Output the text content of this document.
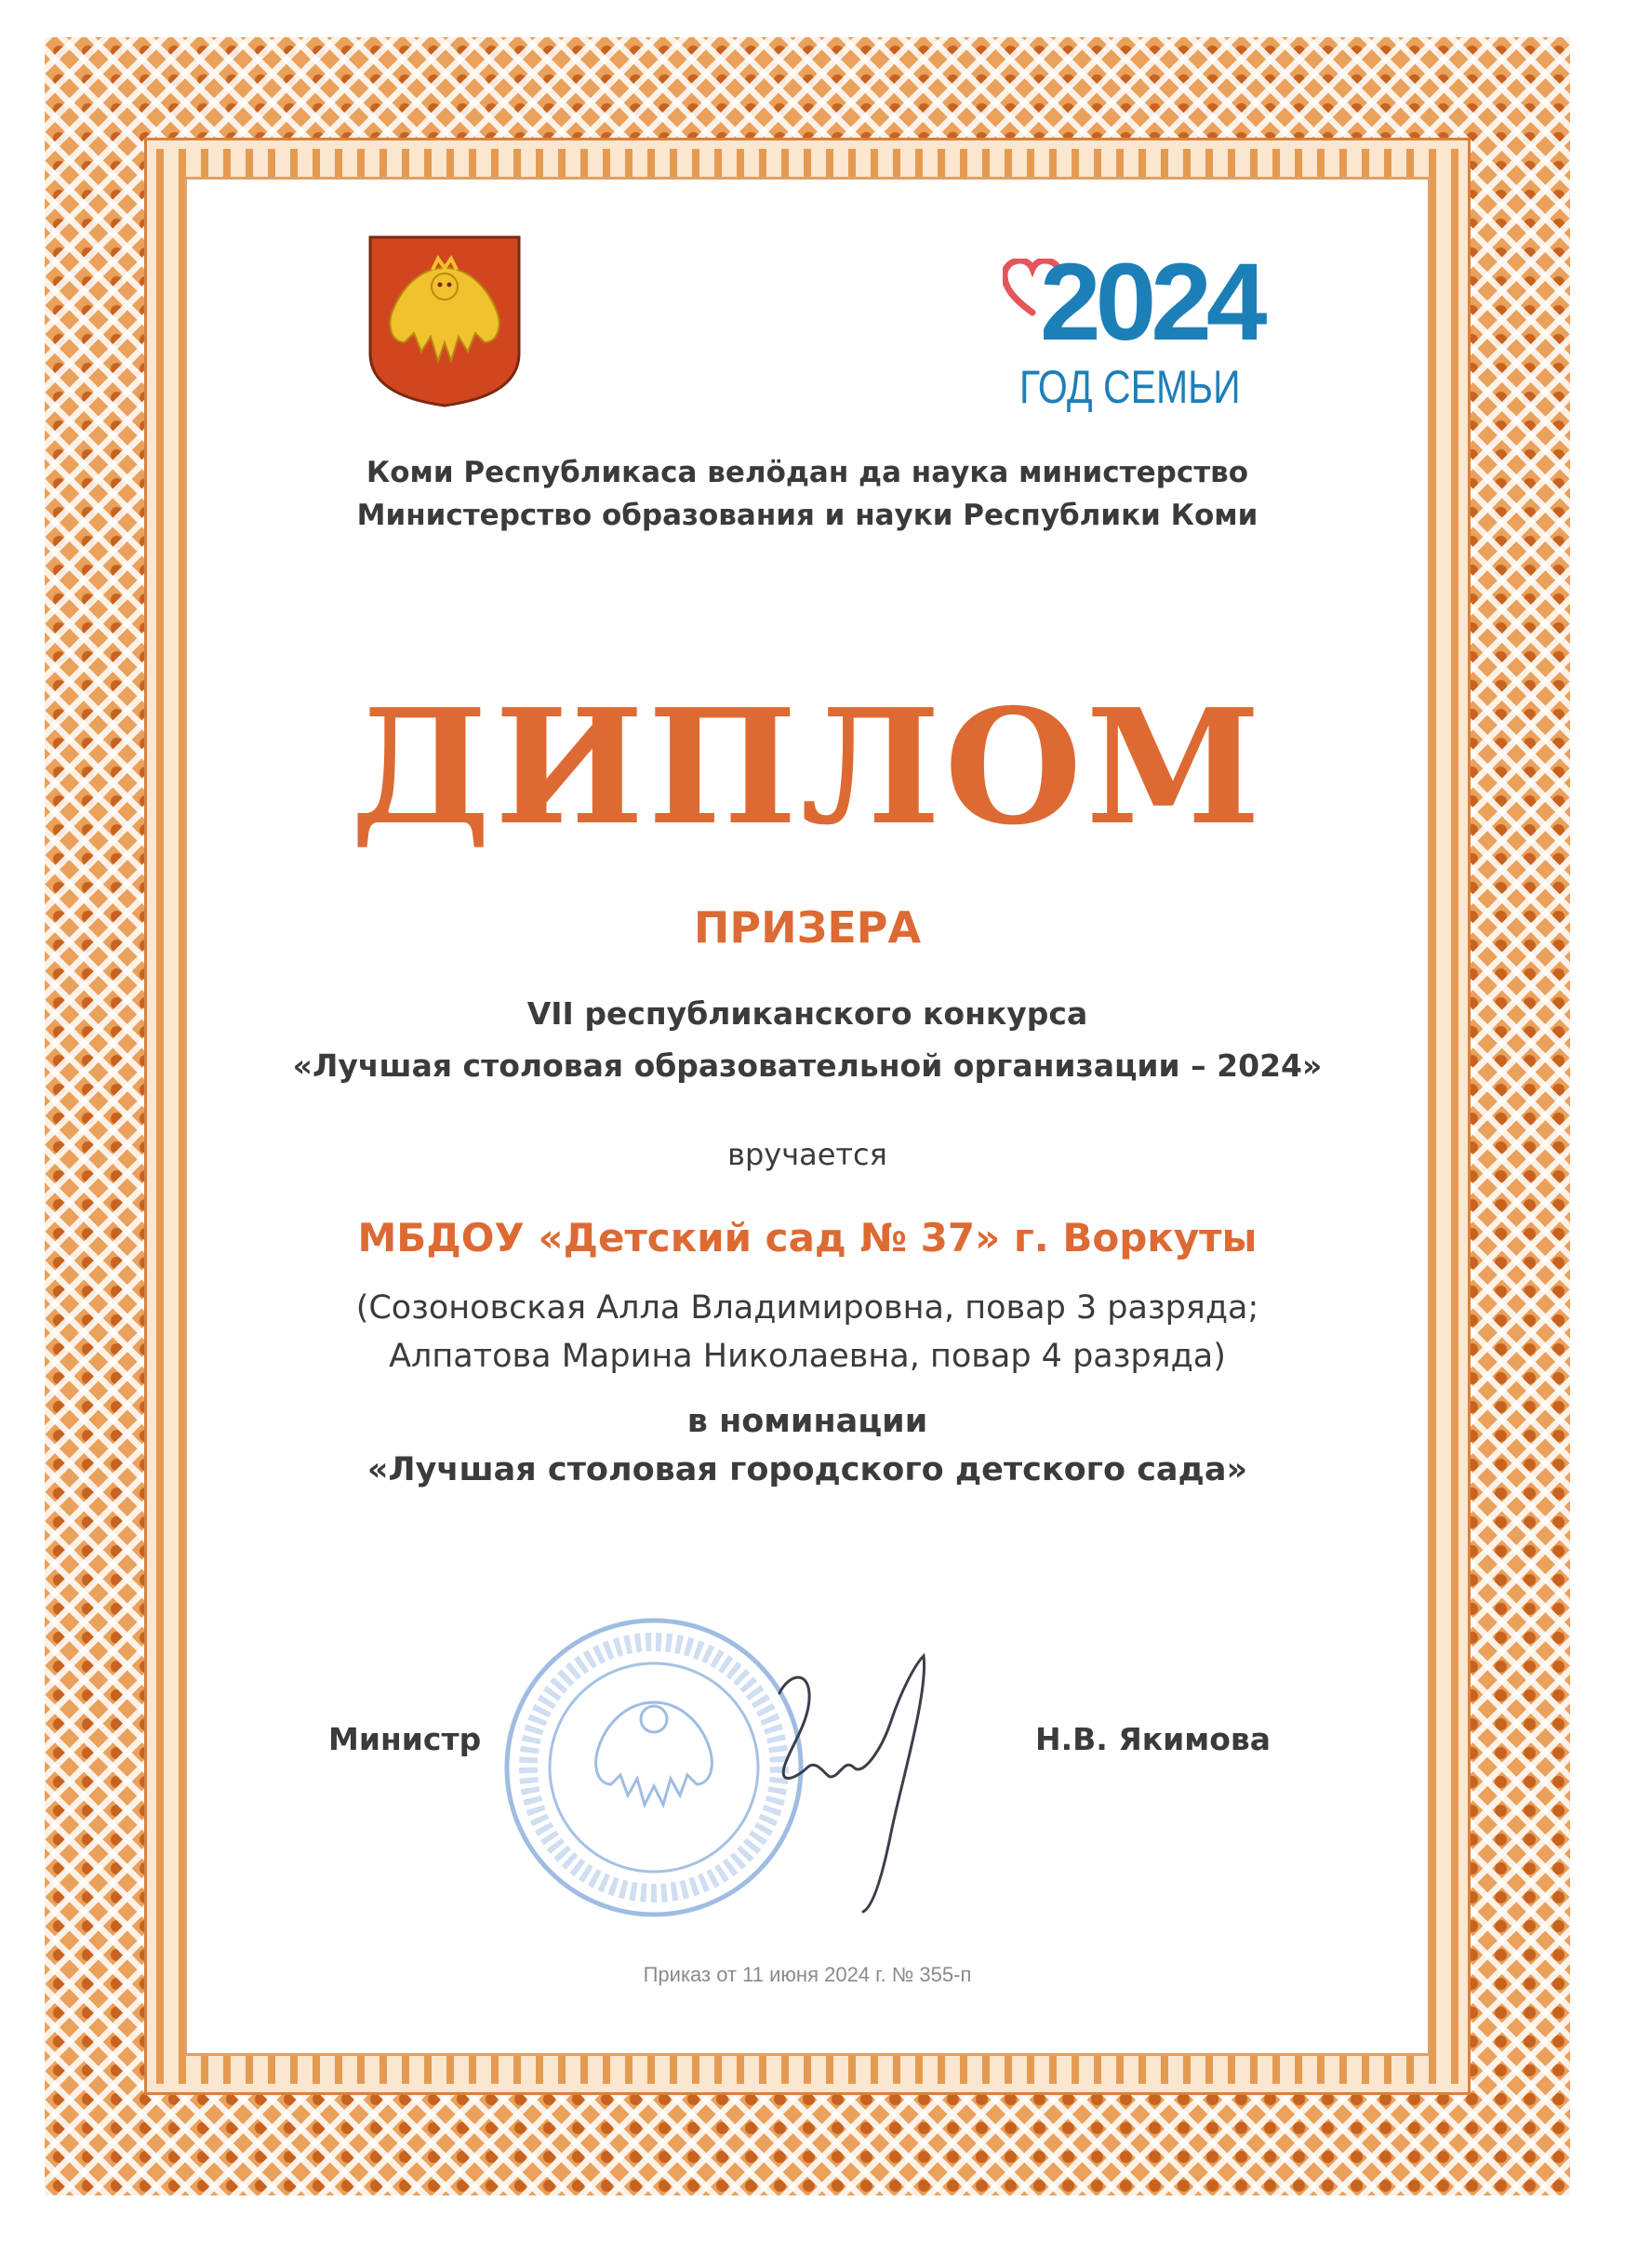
2024
ГОД СЕМЬИ
Коми Республикаса велӧдан да наука министерство
Министерство образования и науки Республики Коми
ДИПЛОМ
ПРИЗЕРА
VII республиканского конкурса
«Лучшая столовая образовательной организации – 2024»
вручается
МБДОУ «Детский сад № 37» г. Воркуты
(Созоновская Алла Владимировна, повар 3 разряда;
Алпатова Марина Николаевна, повар 4 разряда)
в номинации
«Лучшая столовая городского детского сада»
Министр	Н.В. Якимова
Приказ от 11 июня 2024 г. № 355-п
